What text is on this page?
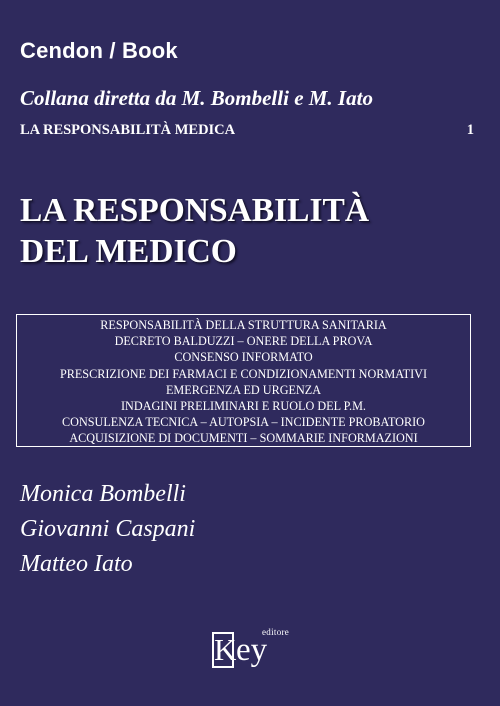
Cendon / Book
Collana diretta da M. Bombelli e M. Iato
LA RESPONSABILITÀ MEDICA	1
LA RESPONSABILITÀ
DEL MEDICO
RESPONSABILITÀ DELLA STRUTTURA SANITARIA
DECRETO BALDUZZI – ONERE DELLA PROVA
CONSENSO INFORMATO
PRESCRIZIONE DEI FARMACI E CONDIZIONAMENTI NORMATIVI
EMERGENZA ED URGENZA
INDAGINI PRELIMINARI E RUOLO DEL P.M.
CONSULENZA TECNICA – AUTOPSIA – INCIDENTE PROBATORIO
ACQUISIZIONE DI DOCUMENTI – SOMMARIE INFORMAZIONI
Monica Bombelli
Giovanni Caspani
Matteo Iato
editore
K ey
